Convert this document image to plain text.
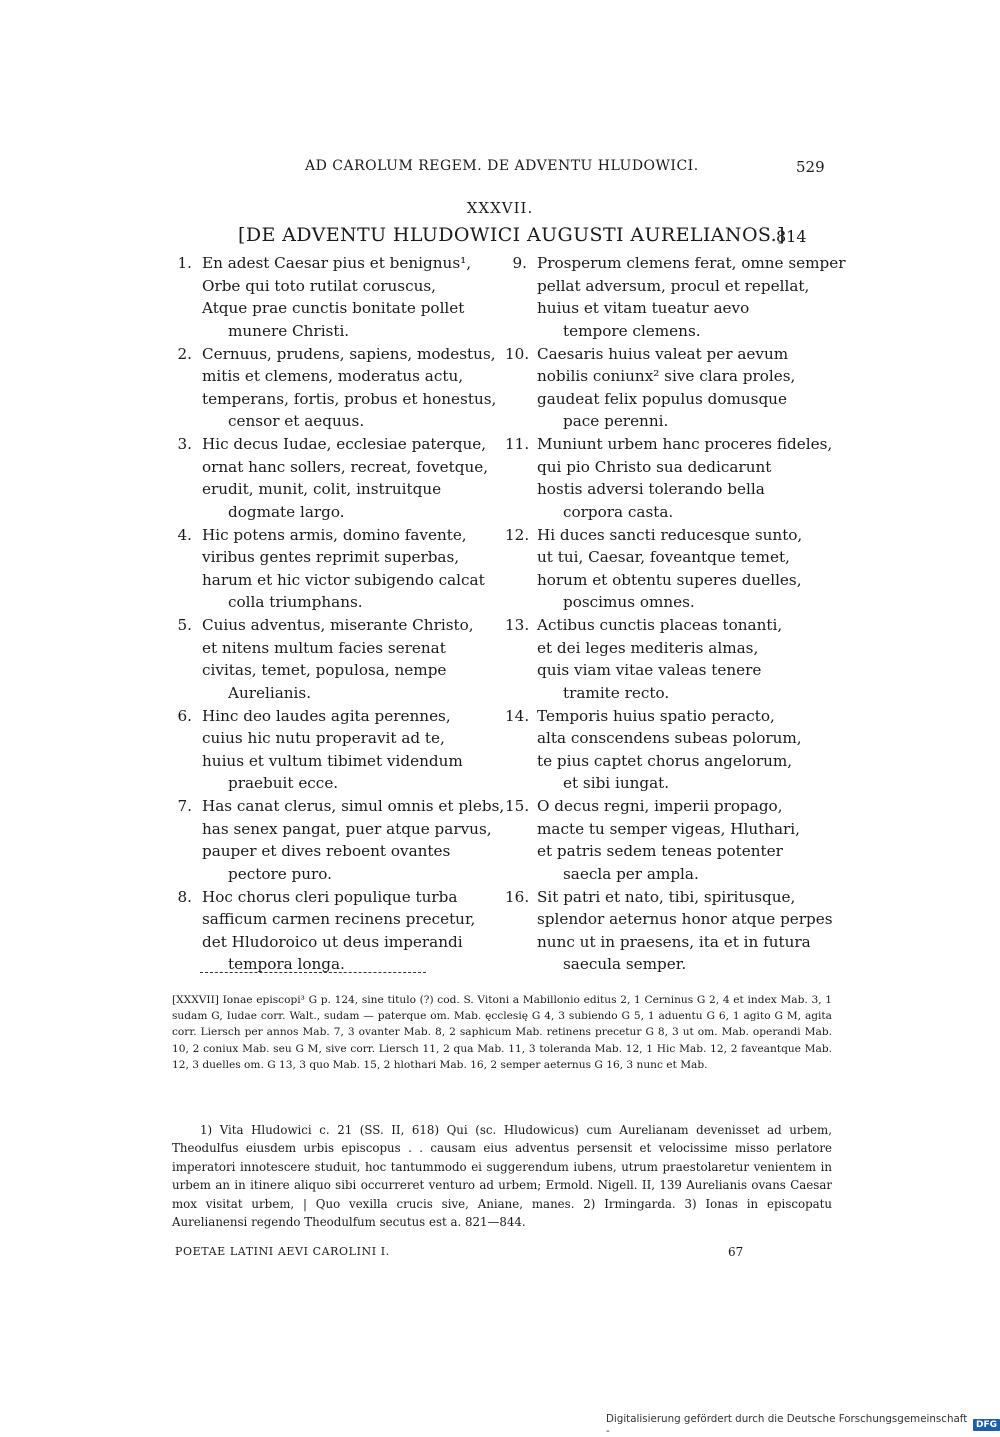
AD CAROLUM REGEM. DE ADVENTU HLUDOWICI.	529
XXXVII.
[DE ADVENTU HLUDOWICI AUGUSTI AURELIANOS.]
814
1. En adest Caesar pius et benignus¹,
Orbe qui toto rutilat coruscus,
Atque prae cunctis bonitate pollet
munere Christi.
2. Cernuus, prudens, sapiens, modestus,
mitis et clemens, moderatus actu,
temperans, fortis, probus et honestus,
censor et aequus.
3. Hic decus Iudae, ecclesiae paterque,
ornat hanc sollers, recreat, fovetque,
erudit, munit, colit, instruitque
dogmate largo.
4. Hic potens armis, domino favente,
viribus gentes reprimit superbas,
harum et hic victor subigendo calcat
colla triumphans.
5. Cuius adventus, miserante Christo,
et nitens multum facies serenat
civitas, temet, populosa, nempe
Aurelianis.
6. Hinc deo laudes agita perennes,
cuius hic nutu properavit ad te,
huius et vultum tibimet videndum
praebuit ecce.
7. Has canat clerus, simul omnis et plebs,
has senex pangat, puer atque parvus,
pauper et dives reboent ovantes
pectore puro.
8. Hoc chorus cleri populique turba
safficum carmen recinens precetur,
det Hludoroico ut deus imperandi
tempora longa.
9. Prosperum clemens ferat, omne semper
pellat adversum, procul et repellat,
huius et vitam tueatur aevo
tempore clemens.
10. Caesaris huius valeat per aevum
nobilis coniunx² sive clara proles,
gaudeat felix populus domusque
pace perenni.
11. Muniunt urbem hanc proceres fideles,
qui pio Christo sua dedicarunt
hostis adversi tolerando bella
corpora casta.
12. Hi duces sancti reducesque sunto,
ut tui, Caesar, foveantque temet,
horum et obtentu superes duelles,
poscimus omnes.
13. Actibus cunctis placeas tonanti,
et dei leges mediteris almas,
quis viam vitae valeas tenere
tramite recto.
14. Temporis huius spatio peracto,
alta conscendens subeas polorum,
te pius captet chorus angelorum,
et sibi iungat.
15. O decus regni, imperii propago,
macte tu semper vigeas, Hluthari,
et patris sedem teneas potenter
saecla per ampla.
16. Sit patri et nato, tibi, spiritusque,
splendor aeternus honor atque perpes
nunc ut in praesens, ita et in futura
saecula semper.
[XXXVII] Ionae episcopi³ G p. 124, sine titulo (?) cod. S. Vitoni a Mabillonio editus 2, 1 Cerninus G 2, 4 et index Mab. 3, 1 sudam G, Iudae corr. Walt., sudam — paterque om. Mab. ęcclesię G 4, 3 subiendo G 5, 1 aduentu G 6, 1 agito G M, agita corr. Liersch per annos Mab. 7, 3 ovanter Mab. 8, 2 saphicum Mab. retinens precetur G 8, 3 ut om. Mab. operandi Mab. 10, 2 coniux Mab. seu G M, sive corr. Liersch 11, 2 qua Mab. 11, 3 toleranda Mab. 12, 1 Hic Mab. 12, 2 faveantque Mab. 12, 3 duelles om. G 13, 3 quo Mab. 15, 2 hlothari Mab. 16, 2 semper aeternus G 16, 3 nunc et Mab.

1) Vita Hludowici c. 21 (SS. II, 618) Qui (sc. Hludowicus) cum Aurelianam devenisset ad urbem, Theodulfus eiusdem urbis episcopus . . causam eius adventus persensit et velocissime misso perlatore imperatori innotescere studuit, hoc tantummodo ei suggerendum iubens, utrum praestolaretur venientem in urbem an in itinere aliquo sibi occurreret venturo ad urbem; Ermold. Nigell. II, 139 Aurelianis ovans Caesar mox visitat urbem, | Quo vexilla crucis sive, Aniane, manes. 2) Irmingarda. 3) Ionas in episcopatu Aurelianensi regendo Theodulfum secutus est a. 821—844.

POETAE LATINI AEVI CAROLINI I.	67
Digitalisierung gefördert durch die Deutsche Forschungsgemeinschaft -	DFG
